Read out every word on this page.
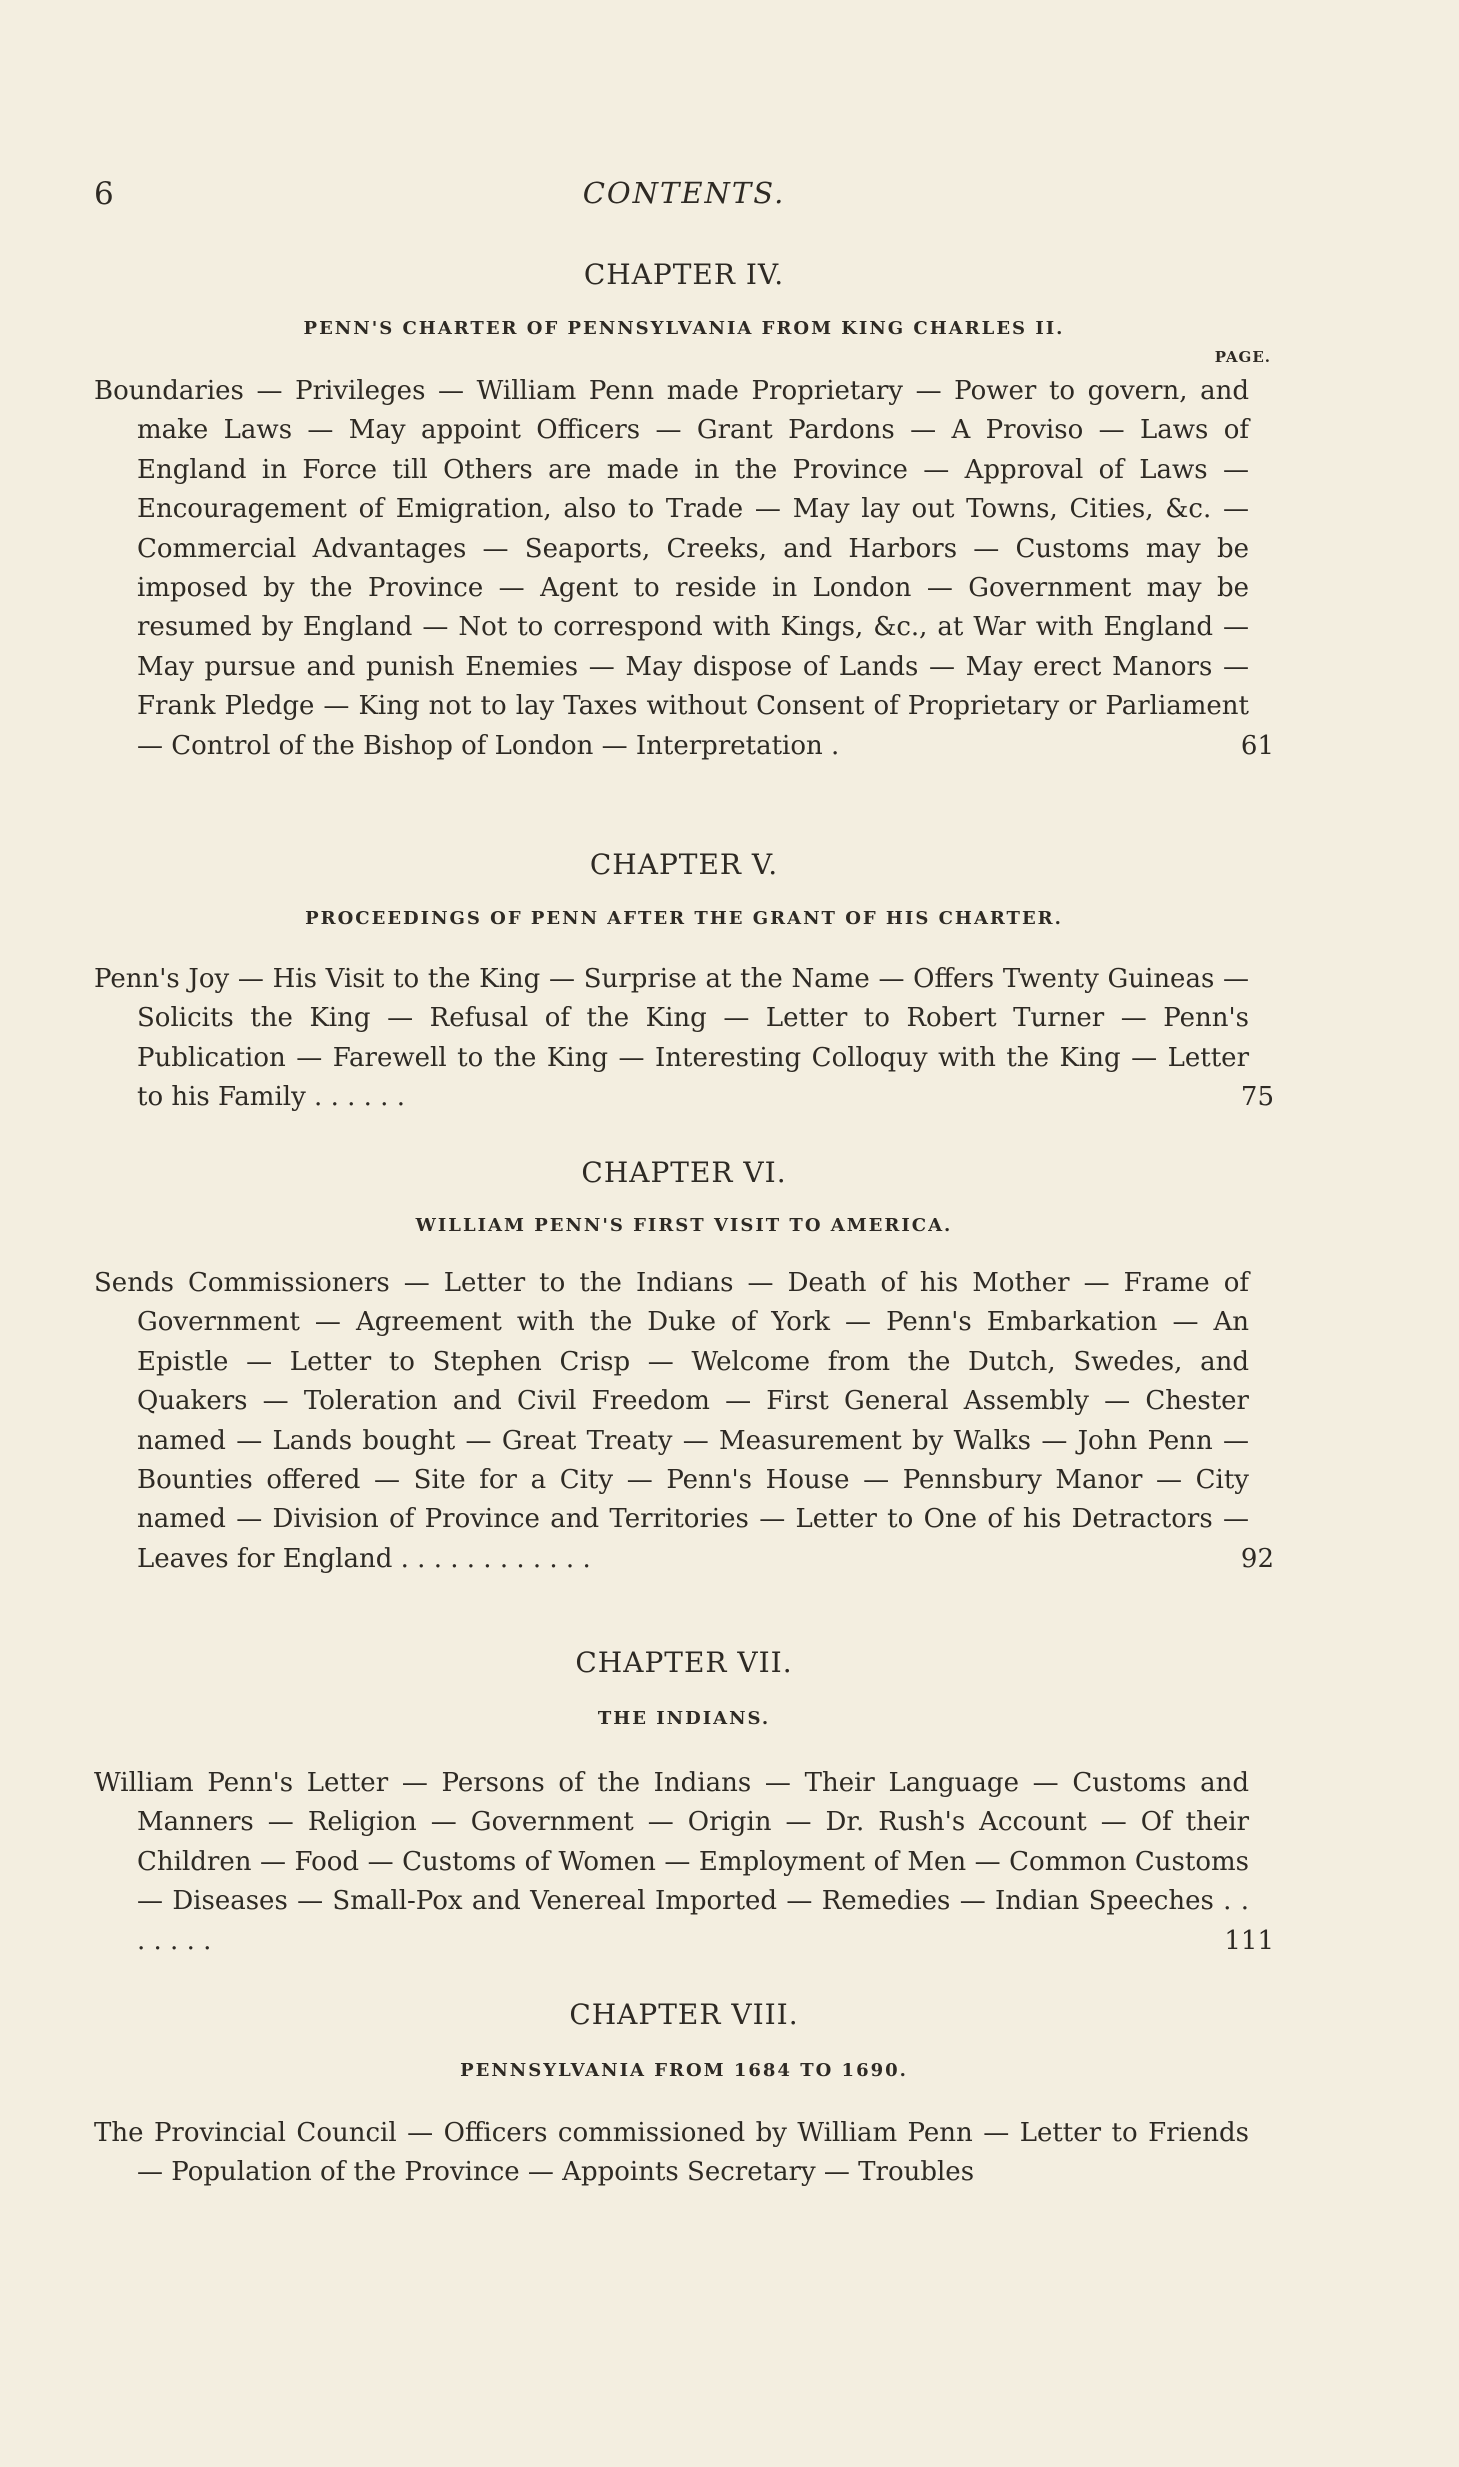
6	CONTENTS.
CHAPTER IV.
PENN'S CHARTER OF PENNSYLVANIA FROM KING CHARLES II.
PAGE.
Boundaries — Privileges — William Penn made Proprietary — Power to govern, and make Laws — May appoint Officers — Grant Pardons — A Proviso — Laws of England in Force till Others are made in the Province — Approval of Laws — Encouragement of Emigration, also to Trade — May lay out Towns, Cities, &c. — Commercial Advantages — Seaports, Creeks, and Harbors — Customs may be imposed by the Province — Agent to reside in London — Government may be resumed by England — Not to correspond with Kings, &c., at War with England — May pursue and punish Enemies — May dispose of Lands — May erect Manors — Frank Pledge — King not to lay Taxes without Consent of Proprietary or Parliament — Control of the Bishop of London — Interpretation .	61
CHAPTER V.
PROCEEDINGS OF PENN AFTER THE GRANT OF HIS CHARTER.
Penn's Joy — His Visit to the King — Surprise at the Name — Offers Twenty Guineas — Solicits the King — Refusal of the King — Letter to Robert Turner — Penn's Publication — Farewell to the King — Interesting Colloquy with the King — Letter to his Family . . . . . .	75
CHAPTER VI.
WILLIAM PENN'S FIRST VISIT TO AMERICA.
Sends Commissioners — Letter to the Indians — Death of his Mother — Frame of Government — Agreement with the Duke of York — Penn's Embarkation — An Epistle — Letter to Stephen Crisp — Welcome from the Dutch, Swedes, and Quakers — Toleration and Civil Freedom — First General Assembly — Chester named — Lands bought — Great Treaty — Measurement by Walks — John Penn — Bounties offered — Site for a City — Penn's House — Pennsbury Manor — City named — Division of Province and Territories — Letter to One of his Detractors — Leaves for England . . . . . . . . . . . .	92
CHAPTER VII.
THE INDIANS.
William Penn's Letter — Persons of the Indians — Their Language — Customs and Manners — Religion — Government — Origin — Dr. Rush's Account — Of their Children — Food — Customs of Women — Employment of Men — Common Customs — Diseases — Small-Pox and Venereal Imported — Remedies — Indian Speeches . . . . . . .	111
CHAPTER VIII.
PENNSYLVANIA FROM 1684 TO 1690.
The Provincial Council — Officers commissioned by William Penn — Letter to Friends — Population of the Province — Appoints Secretary — Troubles
